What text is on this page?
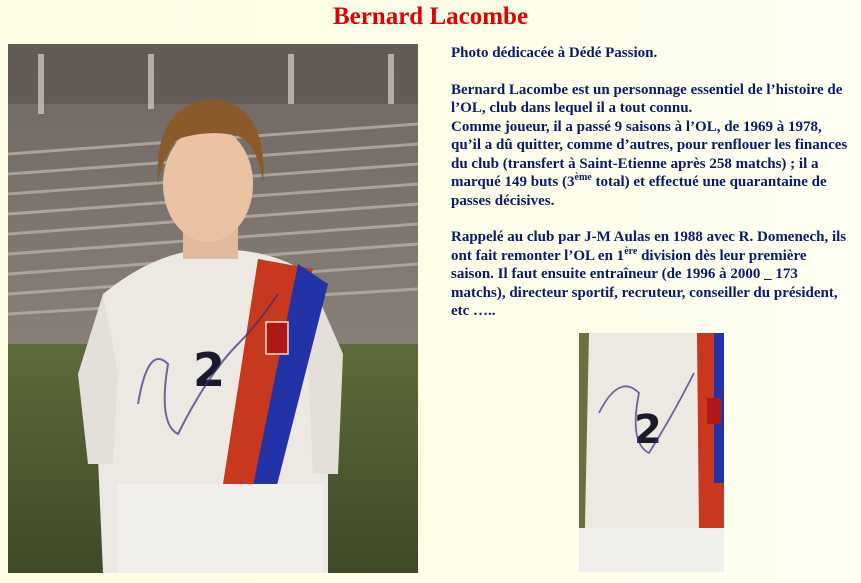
Bernard Lacombe
2
2

Photo dédicacée à Dédé Passion.

Bernard Lacombe est un personnage essentiel de l’histoire de l’OL, club dans lequel il a tout connu.
Comme joueur, il a passé 9 saisons à l’OL, de 1969 à 1978, qu’il a dû quitter, comme d’autres, pour renflouer les finances du club (transfert à Saint-Etienne après 258 matchs) ; il a marqué 149 buts (3ème total) et effectué une quarantaine de passes décisives.

Rappelé au club par J-M Aulas en 1988 avec R. Domenech, ils ont fait remonter l’OL en 1ère division dès leur première saison. Il faut ensuite entraîneur (de 1996 à 2000 _ 173 matchs), directeur sportif, recruteur, conseiller du président, etc …..
